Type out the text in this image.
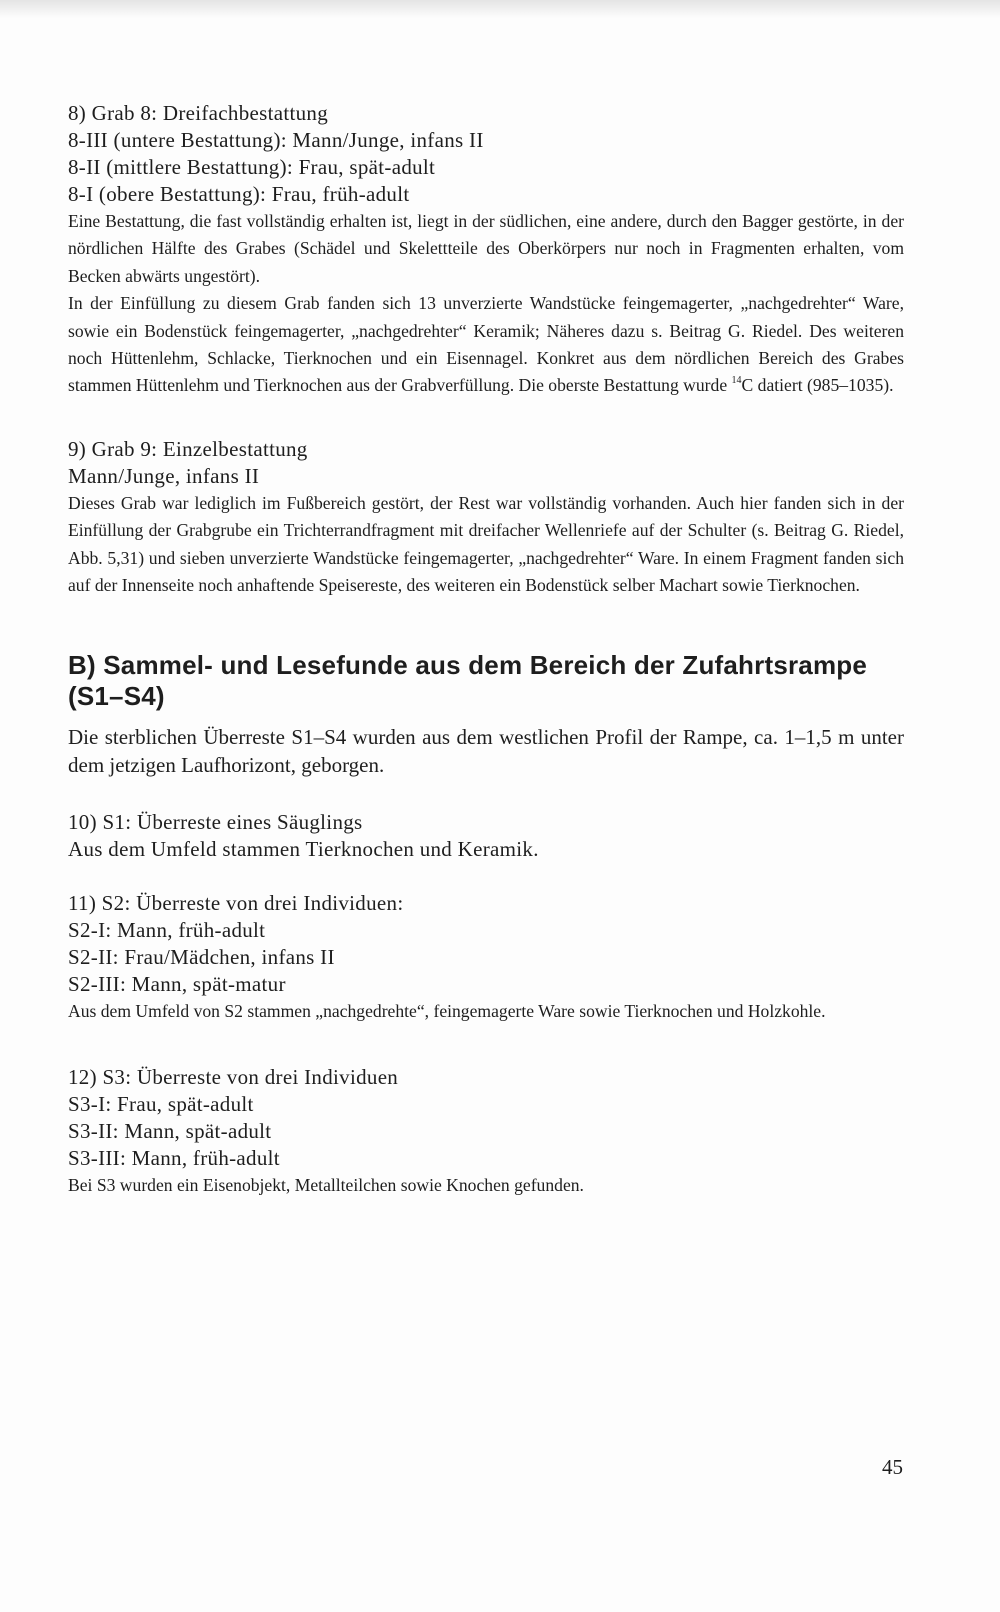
8) Grab 8: Dreifachbestattung

8-III (untere Bestattung): Mann/Junge, infans II

8-II (mittlere Bestattung): Frau, spät-adult

8-I (obere Bestattung): Frau, früh-adult

Eine Bestattung, die fast vollständig erhalten ist, liegt in der südlichen, eine andere, durch den Bagger gestörte, in der nördlichen Hälfte des Grabes (Schädel und Skelettteile des Oberkörpers nur noch in Fragmenten erhalten, vom Becken abwärts ungestört).

In der Einfüllung zu diesem Grab fanden sich 13 unverzierte Wandstücke feingemagerter, „nachgedrehter“ Ware, sowie ein Bodenstück feingemagerter, „nachgedrehter“ Keramik; Näheres dazu s. Beitrag G. Riedel. Des weiteren noch Hüttenlehm, Schlacke, Tierknochen und ein Eisennagel. Konkret aus dem nördlichen Bereich des Grabes stammen Hüttenlehm und Tierknochen aus der Grabverfüllung. Die oberste Bestattung wurde $^{14}$C datiert (985–1035).

9) Grab 9: Einzelbestattung

Mann/Junge, infans II

Dieses Grab war lediglich im Fußbereich gestört, der Rest war vollständig vorhanden. Auch hier fanden sich in der Einfüllung der Grabgrube ein Trichterrandfragment mit dreifacher Wellenriefe auf der Schulter (s. Beitrag G. Riedel, Abb. 5,31) und sieben unverzierte Wandstücke feingemagerter, „nachgedrehter“ Ware. In einem Fragment fanden sich auf der Innenseite noch anhaftende Speisereste, des weiteren ein Bodenstück selber Machart sowie Tierknochen.

B) Sammel- und Lesefunde aus dem Bereich der Zufahrtsrampe (S1–S4)

Die sterblichen Überreste S1–S4 wurden aus dem westlichen Profil der Rampe, ca. 1–1,5 m unter dem jetzigen Laufhorizont, geborgen.

10) S1: Überreste eines Säuglings

Aus dem Umfeld stammen Tierknochen und Keramik.

11) S2: Überreste von drei Individuen:

S2-I: Mann, früh-adult

S2-II: Frau/Mädchen, infans II

S2-III: Mann, spät-matur

Aus dem Umfeld von S2 stammen „nachgedrehte“, feingemagerte Ware sowie Tierknochen und Holzkohle.

12) S3: Überreste von drei Individuen

S3-I: Frau, spät-adult

S3-II: Mann, spät-adult

S3-III: Mann, früh-adult

Bei S3 wurden ein Eisenobjekt, Metallteilchen sowie Knochen gefunden.

45
